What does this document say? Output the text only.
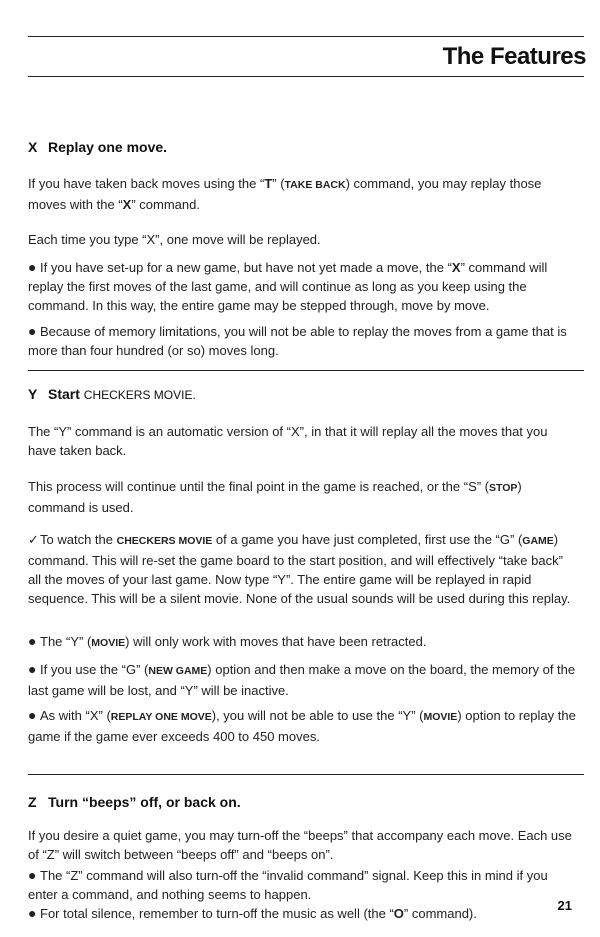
The Features
X Replay one move.

If you have taken back moves using the “T” (TAKE BACK) command, you may replay those moves with the “X” command.

Each time you type “X”, one move will be replayed.

● If you have set-up for a new game, but have not yet made a move, the “X” command will replay the first moves of the last game, and will continue as long as you keep using the command. In this way, the entire game may be stepped through, move by move.

● Because of memory limitations, you will not be able to replay the moves from a game that is more than four hundred (or so) moves long.

Y Start CHECKERS MOVIE.

The “Y” command is an automatic version of “X”, in that it will replay all the moves that you have taken back.

This process will continue until the final point in the game is reached, or the “S” (STOP) command is used.

✓To watch the CHECKERS MOVIE of a game you have just completed, first use the “G” (GAME) command. This will re-set the game board to the start position, and will effectively “take back” all the moves of your last game. Now type “Y”. The entire game will be replayed in rapid sequence. This will be a silent movie. None of the usual sounds will be used during this replay.

● The “Y” (MOVIE) will only work with moves that have been retracted.

● If you use the “G” (NEW GAME) option and then make a move on the board, the memory of the last game will be lost, and “Y” will be inactive.

● As with “X” (REPLAY ONE MOVE), you will not be able to use the “Y” (MOVIE) option to replay the game if the game ever exceeds 400 to 450 moves.

Z Turn “beeps” off, or back on.

If you desire a quiet game, you may turn-off the “beeps” that accompany each move. Each use of “Z” will switch between “beeps off” and “beeps on”.

● The “Z” command will also turn-off the “invalid command” signal. Keep this in mind if you enter a command, and nothing seems to happen.

● For total silence, remember to turn-off the music as well (the “O” command).

21
